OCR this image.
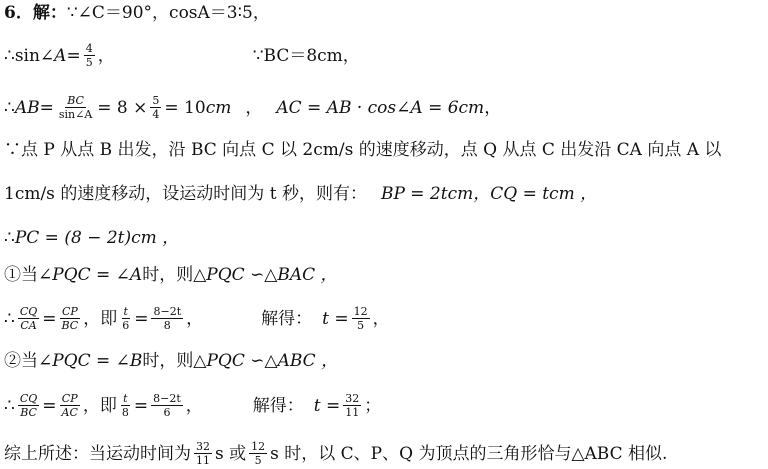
6．解： ∵∠C＝90°，cosA＝3∶5，
∴sin∠ $A = \frac{4}{5}$ ，	∵BC＝8cm，
∴ AB = $\frac{BC}{\sin\angle A} = 8 \times \frac{5}{4} = 10$ cm ， AC = AB · cos∠A = 6 cm ，
∵点 P 从点 B 出发，沿 BC 向点 C 以 2cm/s 的速度移动，点 Q 从点 C 出发沿 CA 向点 A 以
1cm/s 的速度移动，设运动时间为 t 秒，则有： BP = 2tcm，CQ = tcm ，
∴ PC = (8 − 2t)cm ，
①当 ∠PQC = ∠A 时，则 △PQC ∽△BAC ，
∴ $\frac{CQ}{CA} = \frac{CP}{BC}$ ，即 $\frac{t}{6} = \frac{8-2t}{8}$ ，	解得： $t = \frac{12}{5}$ ，
②当 ∠PQC = ∠B 时，则 △PQC ∽△ABC ，
∴ $\frac{CQ}{BC} = \frac{CP}{AC}$ ，即 $\frac{t}{8} = \frac{8-2t}{6}$ ，	解得： $t = \frac{32}{11}$ ；
综上所述：当运动时间为 $\frac{32}{11}$ s 或 $\frac{12}{5}$ s 时，以 C、P、Q 为顶点的三角形恰与△ABC 相似.
